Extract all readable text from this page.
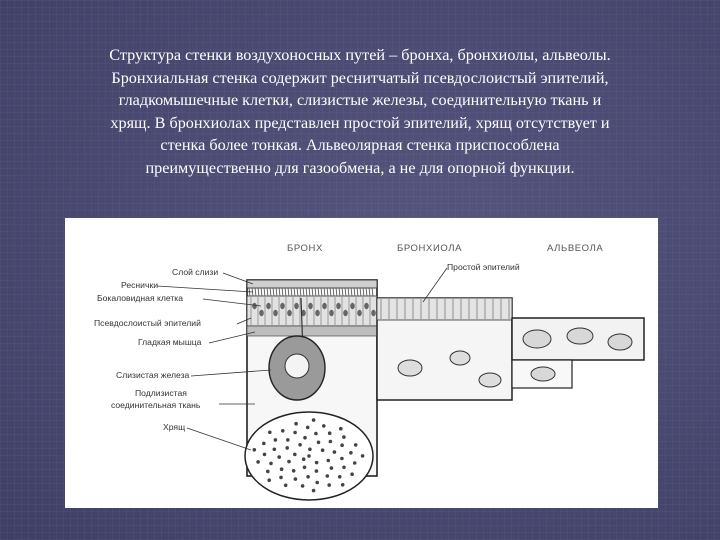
Структура стенки воздухоносных путей – бронха, бронхиолы, альвеолы.
Бронхиальная стенка содержит реснитчатый псевдослоистый эпителий,
гладкомышечные клетки, слизистые железы, соединительную ткань и
хрящ. В бронхиолах представлен простой эпителий, хрящ отсутствует и
стенка более тонкая. Альвеолярная стенка приспособлена
преимущественно для газообмена, а не для опорной функции.

БРОНХ	БРОНХИОЛА	АЛЬВЕОЛА
Слой слизи
Реснички
Бокаловидная клетка
Псевдослоистый эпителий
Гладкая мышца
Слизистая железа
Подлизистая
соединительная ткань
Хрящ
Простой эпителий
